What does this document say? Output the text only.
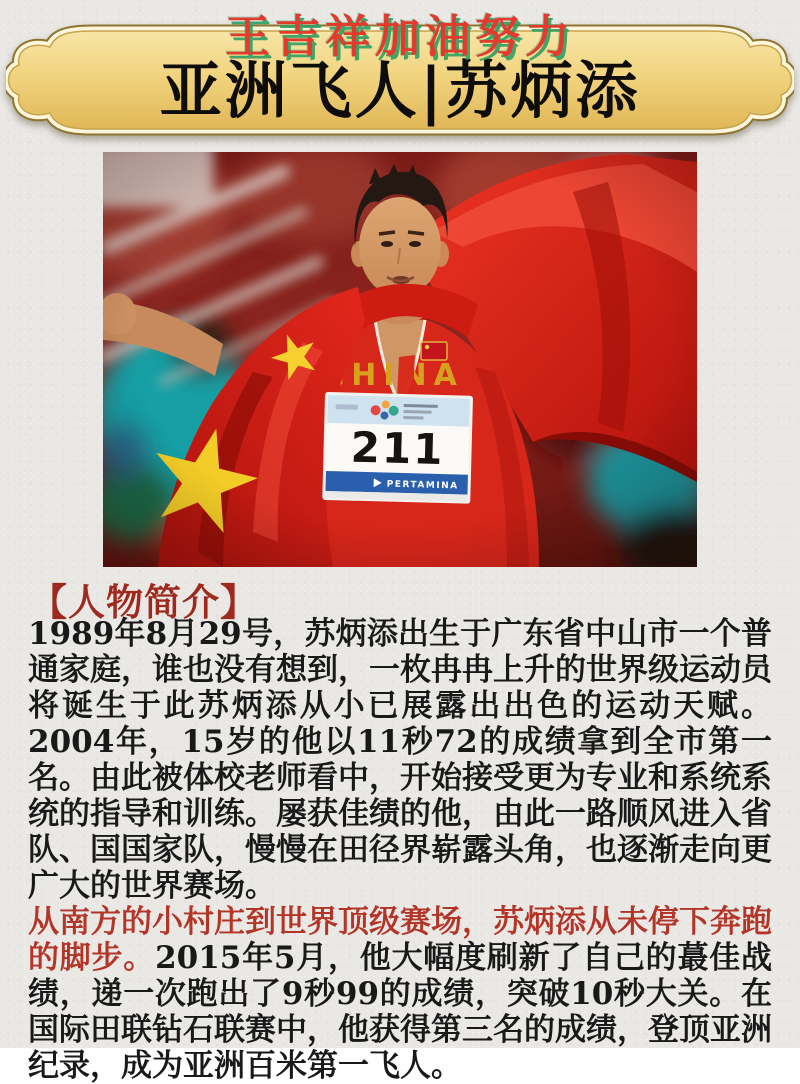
亚洲飞人|苏炳添
王吉祥加油努力
【人物简介】

1989年8月29号，苏炳添出生于广东省中山市一个普通家庭，谁也没有想到，一枚冉冉上升的世界级运动员将诞生于此苏炳添从小已展露出出色的运动天赋。2004年，15岁的他以11秒72的成绩拿到全市第一名。由此被体校老师看中，开始接受更为专业和系统系统的指导和训练。屡获佳绩的他，由此一路顺风进入省队、国国家队，慢慢在田径界崭露头角，也逐渐走向更广大的世界赛场。

从南方的小村庄到世界顶级赛场，苏炳添从未停下奔跑的脚步。2015年5月，他大幅度刷新了自己的蕞佳战绩，递一次跑出了9秒99的成绩，突破10秒大关。在国际田联钻石联赛中，他获得第三名的成绩，登顶亚洲纪录，成为亚洲百米第一飞人。
